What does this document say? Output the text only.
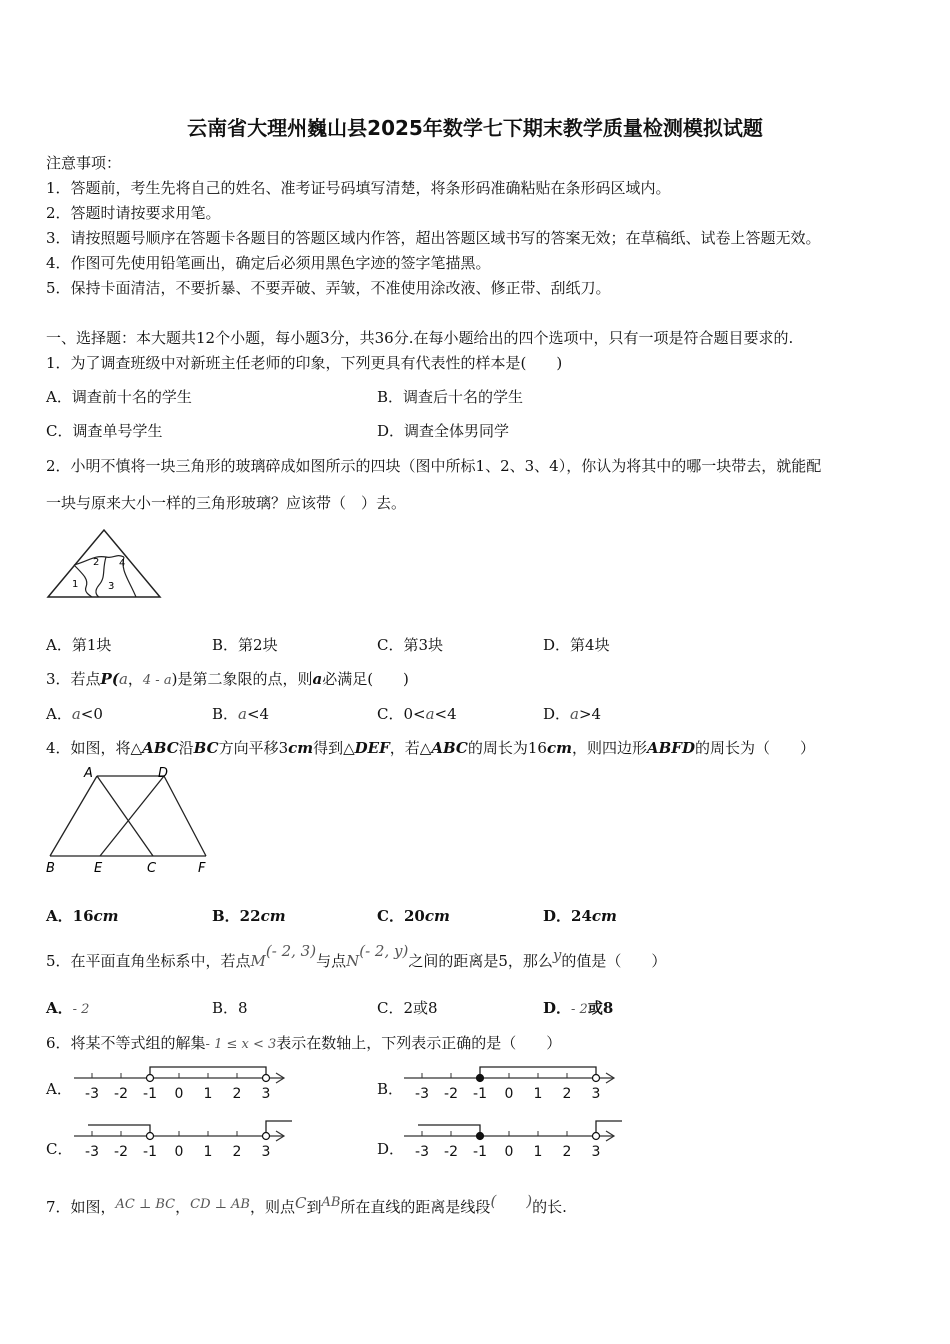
云南省大理州巍山县2025年数学七下期末教学质量检测模拟试题
注意事项：
1．答题前，考生先将自己的姓名、准考证号码填写清楚，将条形码准确粘贴在条形码区域内。
2．答题时请按要求用笔。
3．请按照题号顺序在答题卡各题目的答题区域内作答，超出答题区域书写的答案无效；在草稿纸、试卷上答题无效。
4．作图可先使用铅笔画出，确定后必须用黑色字迹的签字笔描黑。
5．保持卡面清洁，不要折暴、不要弄破、弄皱，不准使用涂改液、修正带、刮纸刀。
一、选择题：本大题共12个小题，每小题3分，共36分.在每小题给出的四个选项中，只有一项是符合题目要求的.
1．为了调查班级中对新班主任老师的印象，下列更具有代表性的样本是(　　)
A．调查前十名的学生	B．调查后十名的学生
C．调查单号学生	D．调查全体男同学
2．小明不慎将一块三角形的玻璃碎成如图所示的四块（图中所标1、2、3、4），你认为将其中的哪一块带去，就能配
一块与原来大小一样的三角形玻璃？应该带（　）去。
1
2
3
4
A．第1块	B．第2块	C．第3块	D．第4块
3．若点P(a，4 - a)是第二象限的点，则a必满足(　　)
A．a<0	B．a<4	C．0<a<4	D．a>4
4．如图，将△ABC沿BC方向平移3cm得到△DEF，若△ABC的周长为16cm，则四边形ABFD的周长为（　　）
A	D
B	E	C	F
A．16cm	B．22cm	C．20cm	D．24cm
5．在平面直角坐标系中，若点M(- 2, 3)与点N(- 2, y)之间的距离是5，那么y的值是（　　）
A．- 2	B．8	C．2或8	D．- 2或8
6．将某不等式组的解集- 1 ≤ x < 3表示在数轴上，下列表示正确的是（　　）
A．	B．
C．	D．
-3 -2 -1 0 1 2 3	-3 -2 -1 0 1 2 3
-3 -2 -1 0 1 2 3	-3 -2 -1 0 1 2 3
7．如图，AC ⊥ BC，CD ⊥ AB，则点C到AB所在直线的距离是线段(　　)的长.
